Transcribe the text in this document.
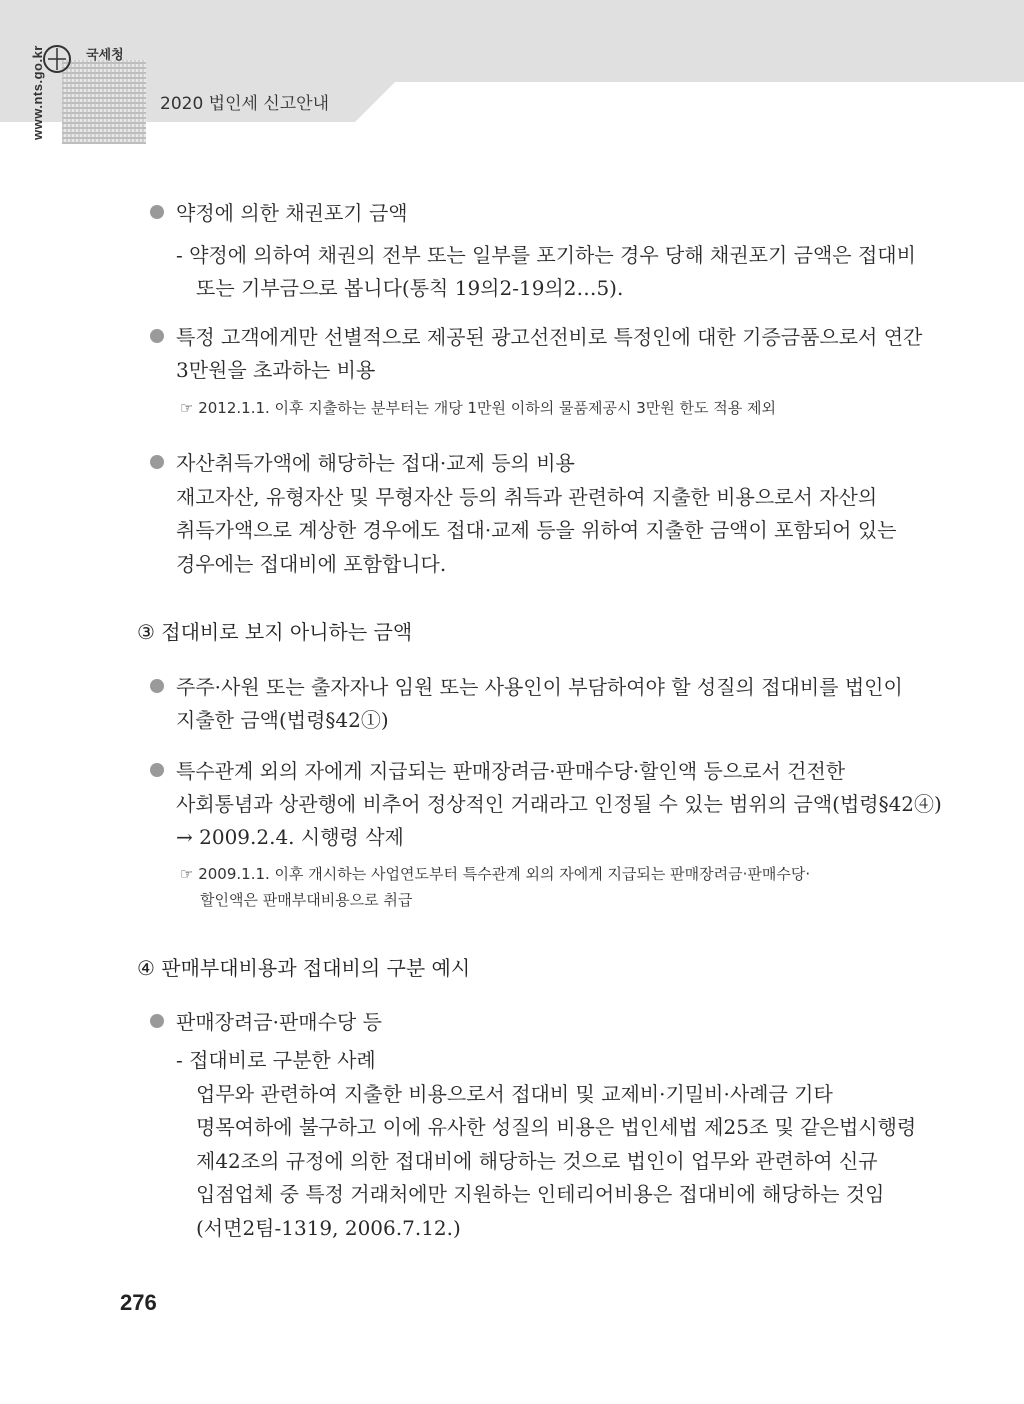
국세청
www.nts.go.kr	2020 법인세 신고안내

약정에 의한 채권포기 금액

- 약정에 의하여 채권의 전부 또는 일부를 포기하는 경우 당해 채권포기 금액은 접대비

또는 기부금으로 봅니다(통칙 19의2-19의2…5).

특정 고객에게만 선별적으로 제공된 광고선전비로 특정인에 대한 기증금품으로서 연간

3만원을 초과하는 비용

☞ 2012.1.1. 이후 지출하는 분부터는 개당 1만원 이하의 물품제공시 3만원 한도 적용 제외

자산취득가액에 해당하는 접대·교제 등의 비용

재고자산, 유형자산 및 무형자산 등의 취득과 관련하여 지출한 비용으로서 자산의

취득가액으로 계상한 경우에도 접대·교제 등을 위하여 지출한 금액이 포함되어 있는

경우에는 접대비에 포함합니다.

③ 접대비로 보지 아니하는 금액

주주·사원 또는 출자자나 임원 또는 사용인이 부담하여야 할 성질의 접대비를 법인이

지출한 금액(법령§42①)

특수관계 외의 자에게 지급되는 판매장려금·판매수당·할인액 등으로서 건전한

사회통념과 상관행에 비추어 정상적인 거래라고 인정될 수 있는 범위의 금액(법령§42④)

→ 2009.2.4. 시행령 삭제

☞ 2009.1.1. 이후 개시하는 사업연도부터 특수관계 외의 자에게 지급되는 판매장려금·판매수당·

할인액은 판매부대비용으로 취급

④ 판매부대비용과 접대비의 구분 예시

판매장려금·판매수당 등

- 접대비로 구분한 사례

업무와 관련하여 지출한 비용으로서 접대비 및 교제비·기밀비·사례금 기타

명목여하에 불구하고 이에 유사한 성질의 비용은 법인세법 제25조 및 같은법시행령

제42조의 규정에 의한 접대비에 해당하는 것으로 법인이 업무와 관련하여 신규

입점업체 중 특정 거래처에만 지원하는 인테리어비용은 접대비에 해당하는 것임

(서면2팀-1319, 2006.7.12.)

276
